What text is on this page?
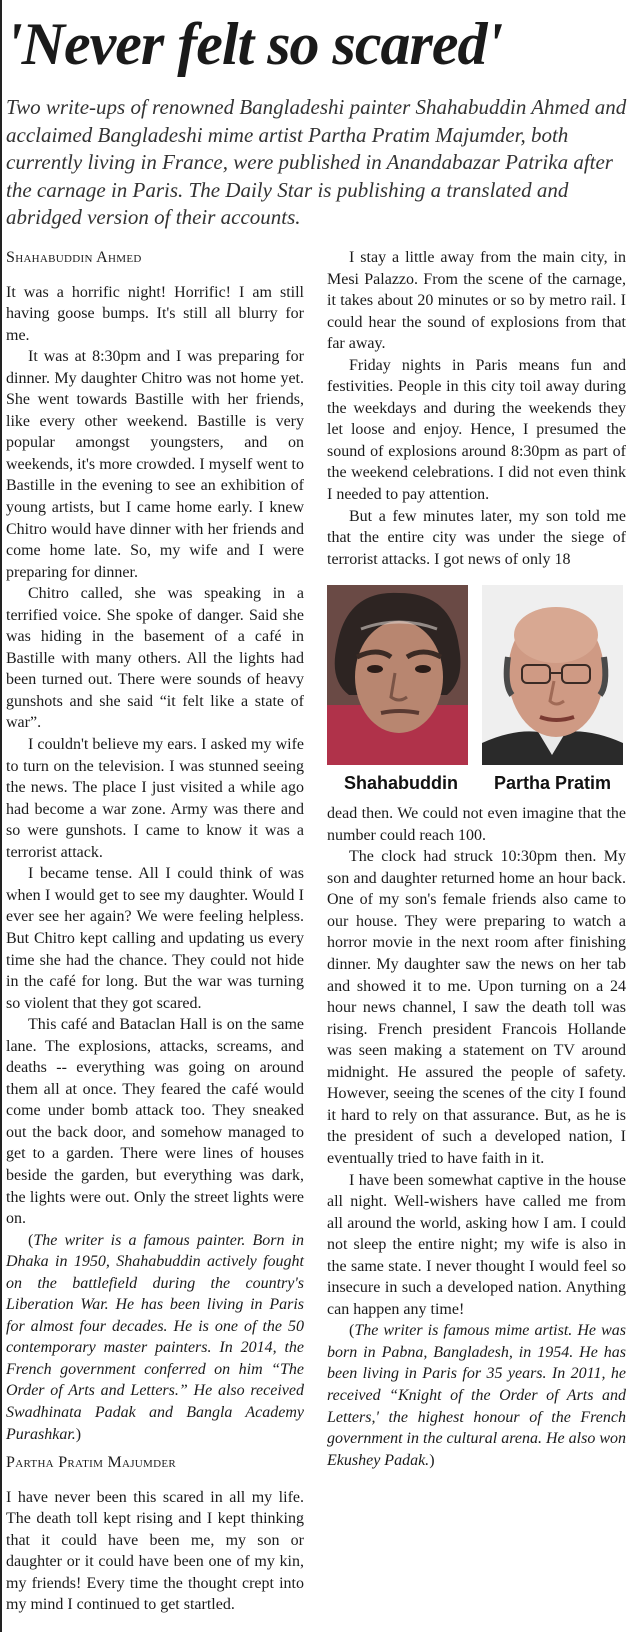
'Never felt so scared'

Two write-ups of renowned Bangladeshi painter Shahabuddin Ahmed and acclaimed Bangladeshi mime artist Partha Pratim Majumder, both currently living in France, were published in Anandabazar Patrika after the carnage in Paris. The Daily Star is publishing a translated and abridged version of their accounts.

Shahabuddin Ahmed

It was a horrific night! Horrific! I am still having goose bumps. It's still all blurry for me.

It was at 8:30pm and I was preparing for dinner. My daughter Chitro was not home yet. She went towards Bastille with her friends, like every other weekend. Bastille is very popular amongst youngsters, and on weekends, it's more crowded. I myself went to Bastille in the evening to see an exhibition of young artists, but I came home early. I knew Chitro would have dinner with her friends and come home late. So, my wife and I were preparing for dinner.

Chitro called, she was speaking in a terrified voice. She spoke of danger. Said she was hiding in the basement of a café in Bastille with many others. All the lights had been turned out. There were sounds of heavy gunshots and she said “it felt like a state of war”.

I couldn't believe my ears. I asked my wife to turn on the television. I was stunned seeing the news. The place I just visited a while ago had become a war zone. Army was there and so were gunshots. I came to know it was a terrorist attack.

I became tense. All I could think of was when I would get to see my daughter. Would I ever see her again? We were feeling helpless. But Chitro kept calling and updating us every time she had the chance. They could not hide in the café for long. But the war was turning so violent that they got scared.

This café and Bataclan Hall is on the same lane. The explosions, attacks, screams, and deaths -- everything was going on around them all at once. They feared the café would come under bomb attack too. They sneaked out the back door, and somehow managed to get to a garden. There were lines of houses beside the garden, but everything was dark, the lights were out. Only the street lights were on.

(The writer is a famous painter. Born in Dhaka in 1950, Shahabuddin actively fought on the battlefield during the country's Liberation War. He has been living in Paris for almost four decades. He is one of the 50 contemporary master painters. In 2014, the French government conferred on him “The Order of Arts and Letters.” He also received Swadhinata Padak and Bangla Academy Purashkar.)

Partha Pratim Majumder

I have never been this scared in all my life. The death toll kept rising and I kept thinking that it could have been me, my son or daughter or it could have been one of my kin, my friends! Every time the thought crept into my mind I continued to get startled.

I stay a little away from the main city, in Mesi Palazzo. From the scene of the carnage, it takes about 20 minutes or so by metro rail. I could hear the sound of explosions from that far away.

Friday nights in Paris means fun and festivities. People in this city toil away during the weekdays and during the weekends they let loose and enjoy. Hence, I presumed the sound of explosions around 8:30pm as part of the weekend celebrations. I did not even think I needed to pay attention.

But a few minutes later, my son told me that the entire city was under the siege of terrorist attacks. I got news of only 18

Shahabuddin Partha Pratim

dead then. We could not even imagine that the number could reach 100.

The clock had struck 10:30pm then. My son and daughter returned home an hour back. One of my son's female friends also came to our house. They were preparing to watch a horror movie in the next room after finishing dinner. My daughter saw the news on her tab and showed it to me. Upon turning on a 24 hour news channel, I saw the death toll was rising. French president Francois Hollande was seen making a statement on TV around midnight. He assured the people of safety. However, seeing the scenes of the city I found it hard to rely on that assurance. But, as he is the president of such a developed nation, I eventually tried to have faith in it.

I have been somewhat captive in the house all night. Well-wishers have called me from all around the world, asking how I am. I could not sleep the entire night; my wife is also in the same state. I never thought I would feel so insecure in such a developed nation. Anything can happen any time!

(The writer is famous mime artist. He was born in Pabna, Bangladesh, in 1954. He has been living in Paris for 35 years. In 2011, he received “Knight of the Order of Arts and Letters,' the highest honour of the French government in the cultural arena. He also won Ekushey Padak.)
